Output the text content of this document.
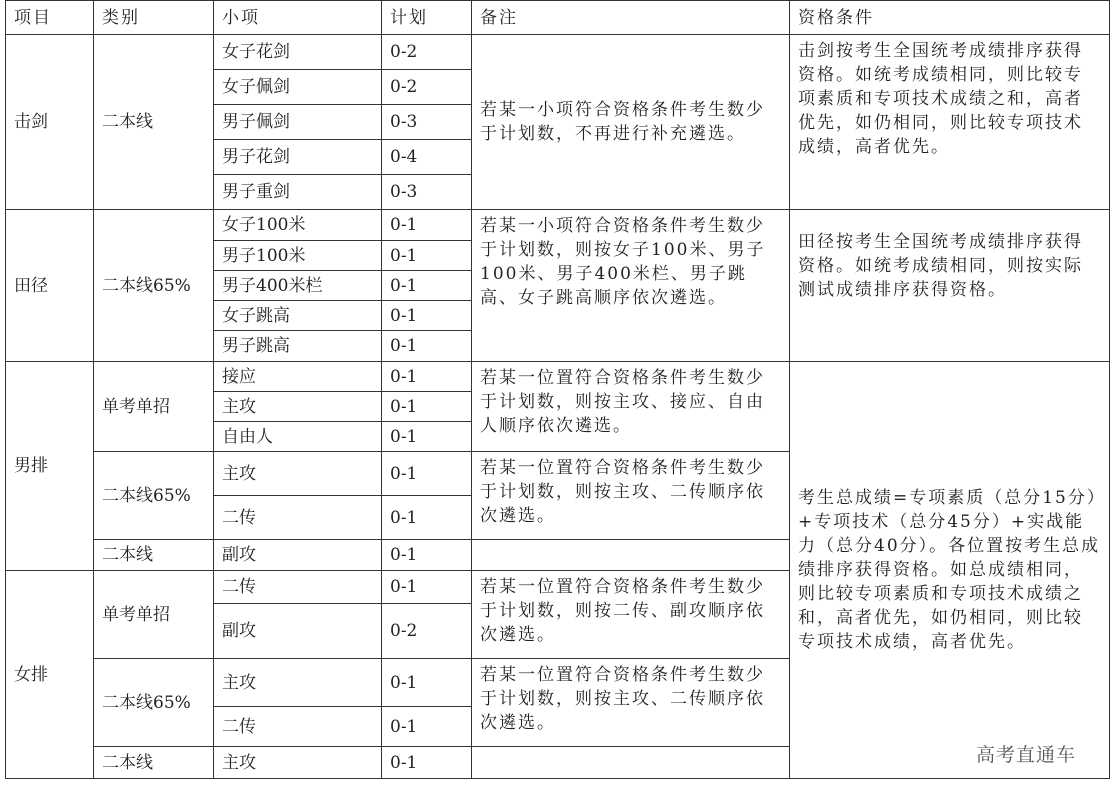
项目	类别	小项	计划	备注	资格条件
击剑	二本线	女子花剑	0-2	若某一小项符合资格条件考生数少于计划数，不再进行补充遴选。	击剑按考生全国统考成绩排序获得资格。如统考成绩相同，则比较专项素质和专项技术成绩之和，高者优先，如仍相同，则比较专项技术成绩，高者优先。
		女子佩剑	0-2		
		男子佩剑	0-3		
		男子花剑	0-4		
		男子重剑	0-3		
田径	二本线65%	女子100米	0-1	若某一小项符合资格条件考生数少于计划数，则按女子100米、男子100米、男子400米栏、男子跳高、女子跳高顺序依次遴选。	田径按考生全国统考成绩排序获得资格。如统考成绩相同，则按实际测试成绩排序获得资格。
		男子100米	0-1		
		男子400米栏	0-1		
		女子跳高	0-1		
		男子跳高	0-1		
男排	单考单招	接应	0-1	若某一位置符合资格条件考生数少于计划数，则按主攻、接应、自由人顺序依次遴选。	考生总成绩=专项素质（总分15分）+专项技术（总分45分）+实战能力（总分40分）。各位置按考生总成绩排序获得资格。如总成绩相同，则比较专项素质和专项技术成绩之和，高者优先，如仍相同，则比较专项技术成绩，高者优先。
		主攻	0-1		
		自由人	0-1		
	二本线65%	主攻	0-1	若某一位置符合资格条件考生数少于计划数，则按主攻、二传顺序依次遴选。	
		二传	0-1		
	二本线	副攻	0-1		
女排	单考单招	二传	0-1	若某一位置符合资格条件考生数少于计划数，则按二传、副攻顺序依次遴选。	
		副攻	0-2		
	二本线65%	主攻	0-1	若某一位置符合资格条件考生数少于计划数，则按主攻、二传顺序依次遴选。	
		二传	0-1		
	二本线	主攻	0-1			高考直通车
